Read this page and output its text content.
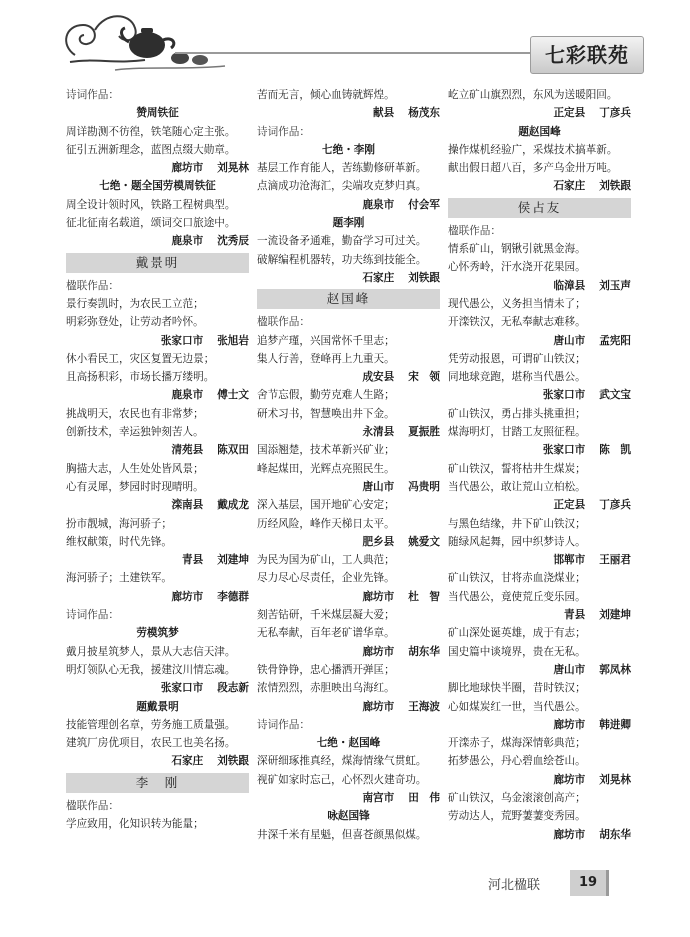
七彩联苑

诗词作品：

赞周铁征

周详勘测不彷徨，铁笔随心定主张。

征引五洲新理念，蓝图点缀大勋章。

廊坊市 刘晃林

七绝・题全国劳模周铁征

周全设计领时风，铁路工程树典型。

征北征南名载道，颂词交口旅途中。

鹿泉市 沈秀辰

戴景明

楹联作品：

景行奏凯时，为农民工立范；

明彩弥登处，让劳动者吟怀。

张家口市 张旭岩

休小看民工，灾区复置无边景；

且高扬积彩，市场长播万缕明。

鹿泉市 傅士文

挑战明天，农民也有非常梦；

创新技术，幸运独钟刻苦人。

清苑县 陈双田

胸描大志，人生处处皆风景；

心有灵犀，梦园时时现晴明。

滦南县 戴成龙

扮市靓城，海河骄子；

维权献策，时代先锋。

青县 刘建坤

海河骄子；土建铁军。

廊坊市 李德群

诗词作品：

劳模筑梦

戴月披星筑梦人，景从大志信天津。

明灯领队心无我，援建汶川情忘魂。

张家口市 段志新

题戴景明

技能管理创名章，劳务施工质量强。

建筑厂房优项目，农民工也美名扬。

石家庄 刘铁跟

李　刚

楹联作品：

学应致用，化知识转为能量；

苦而无言，倾心血铸就辉煌。

献县 杨茂东

诗词作品：

七绝・李刚

基层工作育能人，苦练勤修研革新。

点滴成功沧海汇，尖端攻克梦归真。

鹿泉市 付会军

题李刚

一流设备矛通难，勤奋学习可过关。

破解编程机器转，功夫练到技能全。

石家庄 刘铁跟

赵国峰

楹联作品：

追梦产瑾，兴国常怀千里志；

集人行善，登峰再上九重天。

成安县 宋　领

舍节忘假，勤劳克难人生路；

研术习书，智慧唤出井下金。

永清县 夏振胜

国添翘楚，技术革新兴矿业；

峰起煤田，光辉点亮照民生。

唐山市 冯贵明

深入基层，国开地矿心安定；

历经风险，峰作天梯日太平。

肥乡县 姚爱文

为民为国为矿山，工人典范；

尽力尽心尽责任，企业先锋。

廊坊市 杜　智

刻苦钻研，千米煤层凝大爱；

无私奉献，百年老矿谱华章。

廊坊市 胡东华

铁骨铮铮，忠心播洒开弹匡；

浓情烈烈，赤胆映出乌海红。

廊坊市 王海波

诗词作品：

七绝・赵国峰

深研细琢推真经，煤海情缘气贯虹。

视矿如家时忘己，心怀烈火建奇功。

南宫市 田　伟

咏赵国锋

井深千米有星魁，但喜苍颜黑似煤。

屹立矿山旗烈烈，东风为送暖阳回。

正定县 丁彦兵

题赵国峰

操作煤机经验广，采煤技术搞革新。

献出假日超八百，多产乌金卅万吨。

石家庄 刘铁跟

侯占友

楹联作品：

情系矿山，钢锹引就黑金海。

心怀秀岭，汗水浇开花果园。

临漳县 刘玉声

现代愚公，义务担当情未了；

开滦铁汉，无私奉献志难移。

唐山市 孟宪阳

凭劳动报恩，可谓矿山铁汉；

同地球竞跑，堪称当代愚公。

张家口市 武文宝

矿山铁汉，勇占排头挑重担；

煤海明灯，甘踏工友照征程。

张家口市 陈　凯

矿山铁汉，誓将枯井生煤炭；

当代愚公，敢让荒山立柏松。

正定县 丁彦兵

与黑色结缘，井下矿山铁汉；

随绿风起舞，园中织梦诗人。

邯郸市 王丽君

矿山铁汉，甘将赤血浇煤业；

当代愚公，竟使荒丘变乐园。

青县 刘建坤

矿山深处诞英雄，成于有志；

国史篇中谈境界，贵在无私。

唐山市 郭凤林

脚比地球快半圈，昔时铁汉；

心如煤炭红一世，当代愚公。

廊坊市 韩进卿

开滦赤子，煤海深情彰典范；

拓梦愚公，丹心碧血绘苍山。

廊坊市 刘晃林

矿山铁汉，乌金滚滚创高产；

劳动达人，荒野萋萋变秀园。

廊坊市 胡东华

河北楹联	19
